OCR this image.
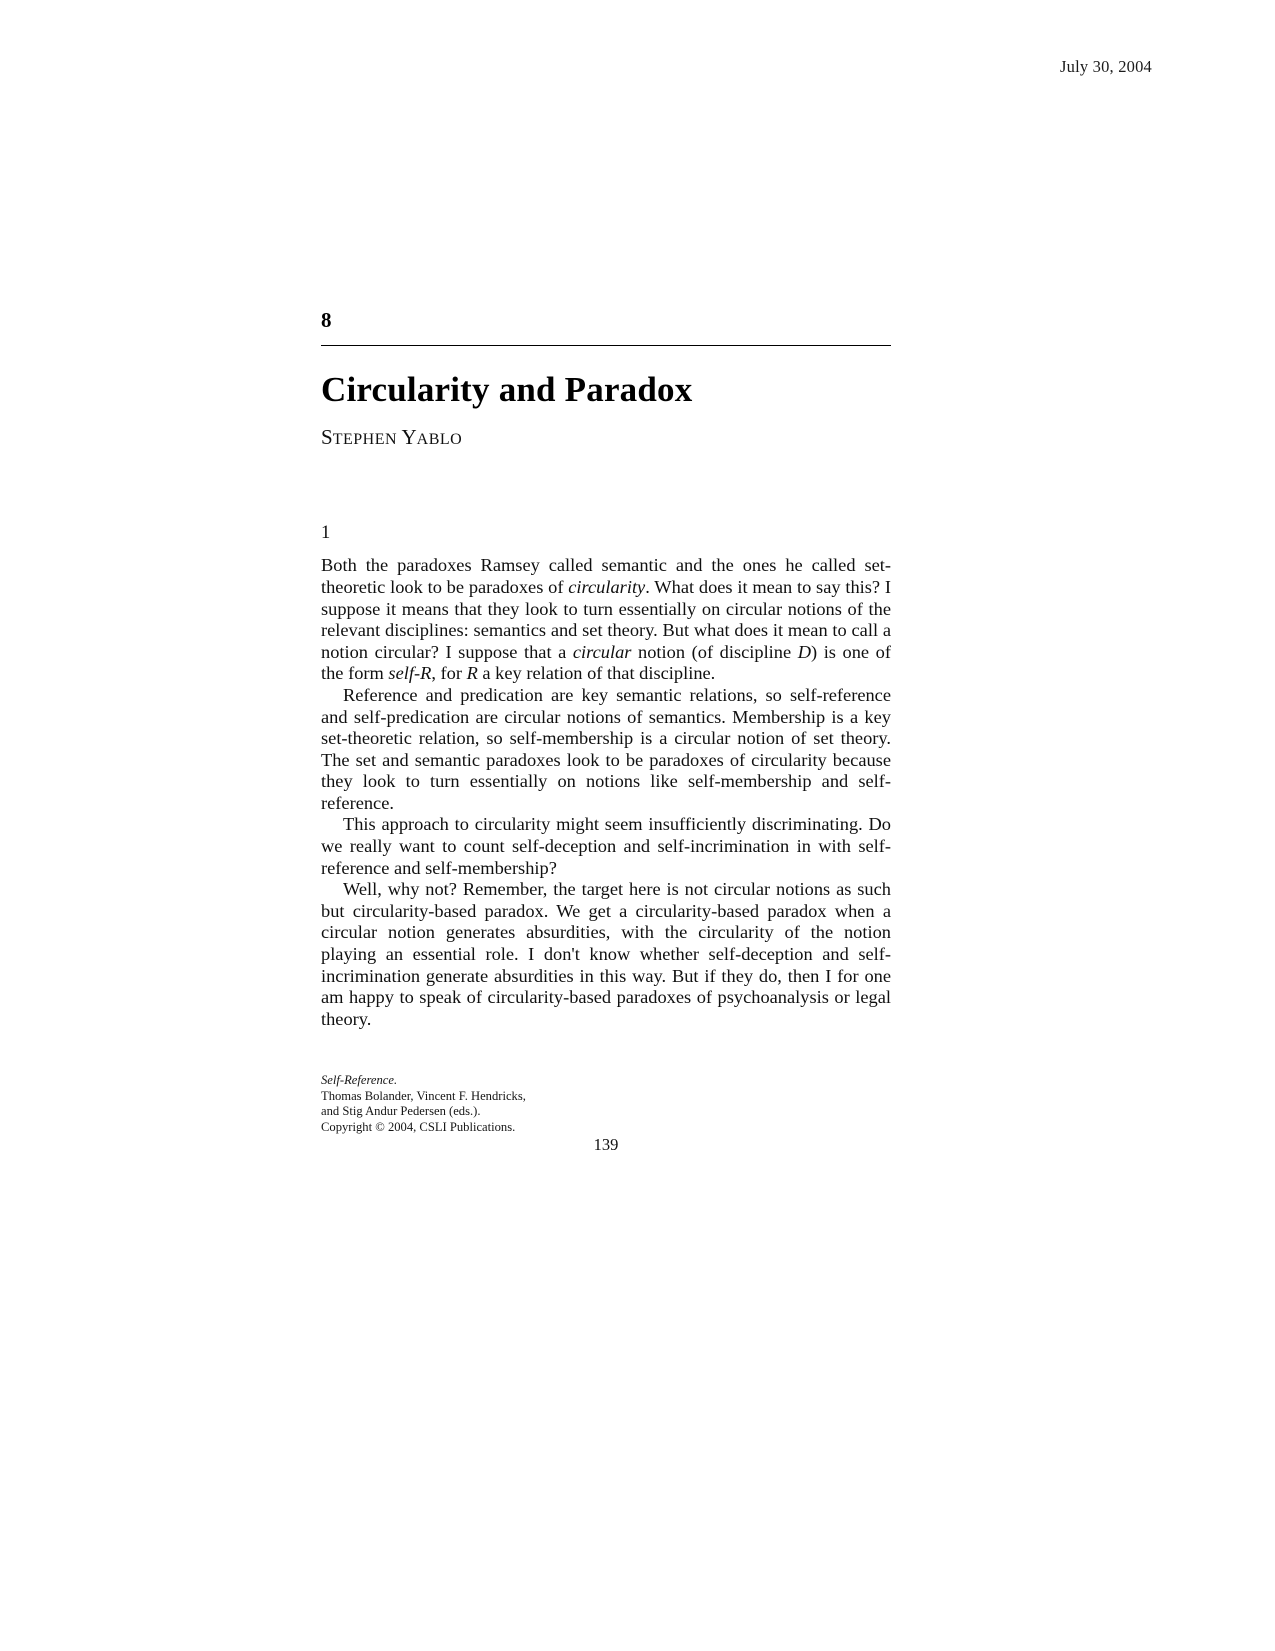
July 30, 2004
8
Circularity and Paradox
STEPHEN YABLO
1

Both the paradoxes Ramsey called semantic and the ones he called set-theoretic look to be paradoxes of circularity. What does it mean to say this? I suppose it means that they look to turn essentially on circular notions of the relevant disciplines: semantics and set theory. But what does it mean to call a notion circular? I suppose that a circular notion (of discipline D) is one of the form self-R, for R a key relation of that discipline.

Reference and predication are key semantic relations, so self-reference and self-predication are circular notions of semantics. Membership is a key set-theoretic relation, so self-membership is a circular notion of set theory. The set and semantic paradoxes look to be paradoxes of circularity because they look to turn essentially on notions like self-membership and self-reference.

This approach to circularity might seem insufficiently discriminating. Do we really want to count self-deception and self-incrimination in with self-reference and self-membership?

Well, why not? Remember, the target here is not circular notions as such but circularity-based paradox. We get a circularity-based paradox when a circular notion generates absurdities, with the circularity of the notion playing an essential role. I don't know whether self-deception and self-incrimination generate absurdities in this way. But if they do, then I for one am happy to speak of circularity-based paradoxes of psychoanalysis or legal theory.

Self-Reference.
Thomas Bolander, Vincent F. Hendricks,
and Stig Andur Pedersen (eds.).
Copyright © 2004, CSLI Publications.
139
